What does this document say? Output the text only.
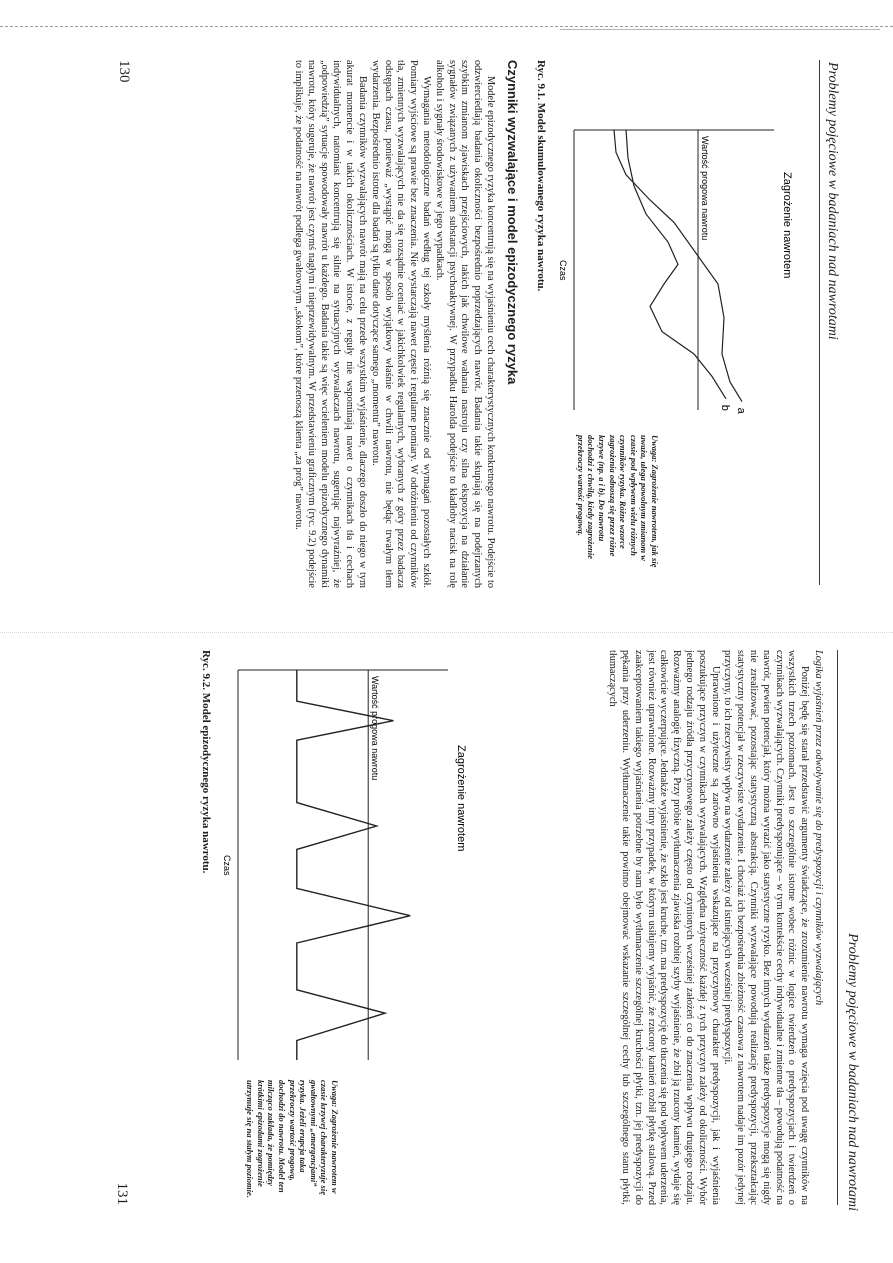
Problemy pojęciowe w badaniach nad nawrotami
Zagrożenie nawrotem
Wartość progowa nawrotu
a
b
Czas
Uwaga: Zagrożenie nawrotem, jak się uważa, ulega powolnym zmianom w czasie pod wpływem wielu różnych czynników ryzyka. Różne wzorce zagrożenia odnoszą się przez różne krzywe (np. a i b). Do nawrotu dochodzi z chwilą, kiedy zagrożenie przekroczy wartość progową.
Ryc. 9.1. Model skumulowanego ryzyka nawrotu.
Czynniki wyzwalające i model epizodycznego ryzyka

Modele epizodycznego ryzyka koncentrują się na wyjaśnieniu cech charakterystycznych konkretnego nawrotu. Podejście to odzwierciedlają badania okoliczności bezpośrednio poprzedzających nawrót. Badania takie skupiają się na podejrzanych szybkim zmianom zjawiskach przejściowych, takich jak chwilowe wahania nastroju czy silna ekspozycja na działanie sygnałów związanych z używaniem substancji psychoaktywnej. W przypadku Harolda podejście to kładłoby nacisk na rolę alkoholu i sygnały środowiskowe w jego wypadkach.

Wymagania metodologiczne badań według tej szkoły myślenia różnią się znacznie od wymagań pozostałych szkół. Pomiary wyjściowe są prawie bez znaczenia. Nie wystarczają nawet częste i regularne pomiary. W odróżnieniu od czynników tła, zmiennych wyzwalających nie da się rozsądnie oceniać w jakichkolwiek regularnych, wybranych z góry przez badacza odstępach czasu, ponieważ „wystąpić mogą w sposób wyjątkowy właśnie w chwili nawrotu, nie będąc trwałym tłem wydarzenia. Bezpośrednio istotne dla badań są tylko dane dotyczące samego „momentu” nawrotu.

Badania czynników wyzwalających nawrót mają na celu przede wszystkim wyjaśnienie, dlaczego doszło do niego w tym akurat momencie i w takich okolicznościach. W istocie, z reguły nie wspominają nawet o czynnikach tła i cechach indywidualnych, natomiast koncentrują się silnie na sytuacyjnych wyzwalaczach nawrotu, sugerując najwyraźniej, że „odpowiedzią” sytuacje spowodowały nawrót u każdego. Badania takie są więc wcieleniem modelu epizodycznego dynamiki nawrotu, który sugeruje, że nawrót jest czymś nagłym i nieprzewidywalnym. W przedstawieniu graficznym (ryc. 9.2) podejście to implikuje, że podatność na nawrót podlega gwałtownym „skokom”, które przenoszą klienta „za próg” nawrotu.

130
Problemy pojęciowe w badaniach nad nawrotami

Logika wyjaśnień przez odwoływanie się do predyspozycji i czynników wyzwalających

Poniżej będę się starał przedstawić argumenty świadczące, że zrozumienie nawrotu wymaga wzięcia pod uwagę czynników na wszystkich trzech poziomach. Jest to szczególnie istotne wobec różnic w logice twierdzeń o predyspozycjach i twierdzeń o czynnikach wyzwalających. Czynniki predysponujące – w tym kontekście cechy indywidualne i zmienne tła – powodują podatność na nawrót, pewien potencjał, który można wyrazić jako statystyczne ryzyko. Bez innych wydarzeń także predyspozycje mogą się nigdy nie zrealizować, pozostając statystyczną abstrakcją. Czynniki wyzwalające powodują realizację predyspozycji, przekształcając statystyczny potencjał w rzeczywiste wydarzenie. I chociaż ich bezpośrednia zbieżność czasowa z nawrotem nadaje im pozór jedynej przyczyny, to ich rzeczywisty wpływ na wydarzenie zależy od istniejących wcześniej predyspozycji.

Uprawnione i użyteczne są zarówno wyjaśnienia wskazujące na przyczynowy charakter predyspozycji, jak i wyjaśnienia poszukujące przyczyn w czynnikach wyzwalających. Względna użyteczność każdej z tych przyczyn zależy od okoliczności. Wybór jednego rodzaju źródła przyczynowego zależy często od czynionych wcześniej założeń co do znaczenia wpływu drugiego rodzaju. Rozważmy analogię fizyczną. Przy próbie wytłumaczenia zjawiska rozbitej szyby wyjaśnienie, że zbił ją rzucony kamień, wydaje się całkowicie wyczerpujące. Jednakże wyjaśnienie, że szkło jest kruche, tzn. ma predyspozycję do tłuczenia się pod wpływem uderzenia, jest również uprawnione. Rozważmy inny przypadek, w którym usiłujemy wyjaśnić, że rzucony kamień rozbił płytkę stalową. Przed zaakceptowaniem takiego wyjaśnienia potrzebne by nam było wytłumaczenie szczególnej kruchości płytki, tzn. jej predyspozycji do pękania przy uderzeniu. Wytłumaczenie takie powinno obejmować wskazanie szczególnej cechy lub szczególnego stanu płytki, tłumaczących

Zagrożenie nawrotem
Wartość progowa nawrotu
Czas
Uwaga: Zagrożenie nawrotem w czasie krzywej charakteryzuje się gwałtownymi „emergencjami” ryzyka. Jeżeli erupcja taka przekroczy wartość progową, dochodzi do nawrotu. Model ten milcząco zakłada, że pomiędzy krótkimi epizodami zagrożenie utrzymuje się na stałym poziomie.
Ryc. 9.2. Model epizodycznego ryzyka nawrotu.
131
